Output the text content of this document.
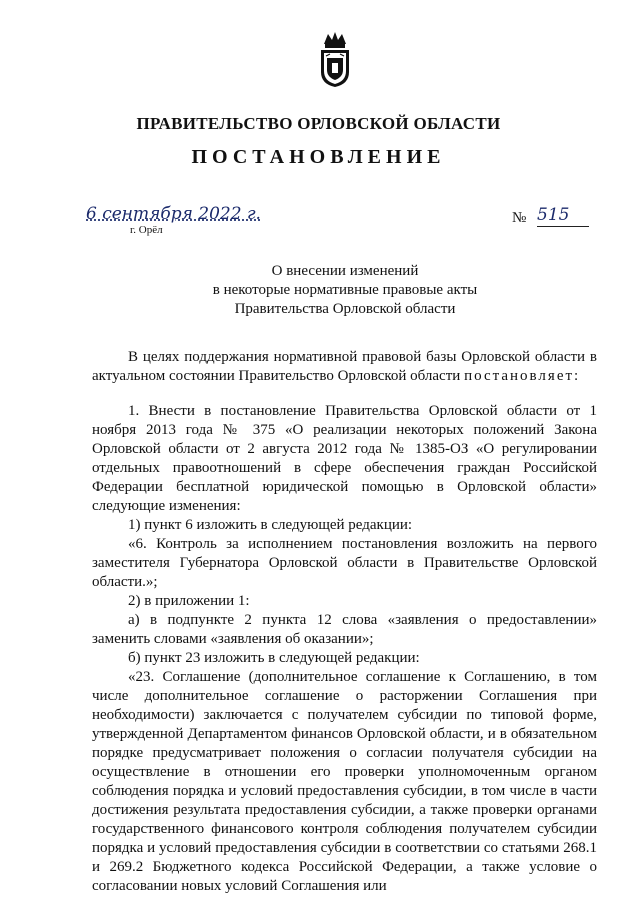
ПРАВИТЕЛЬСТВО ОРЛОВСКОЙ ОБЛАСТИ
ПОСТАНОВЛЕНИЕ
6 сентября 2022 г.
г. Орёл
№ 515
О внесении изменений
в некоторые нормативные правовые акты
Правительства Орловской области

В целях поддержания нормативной правовой базы Орловской области в актуальном состоянии Правительство Орловской области постановляет:

1. Внести в постановление Правительства Орловской области от 1 ноября 2013 года № 375 «О реализации некоторых положений Закона Орловской области от 2 августа 2012 года № 1385-ОЗ «О регулировании отдельных правоотношений в сфере обеспечения граждан Российской Федерации бесплатной юридической помощью в Орловской области» следующие изменения:

1) пункт 6 изложить в следующей редакции:

«6. Контроль за исполнением постановления возложить на первого заместителя Губернатора Орловской области в Правительстве Орловской области.»;

2) в приложении 1:

а) в подпункте 2 пункта 12 слова «заявления о предоставлении» заменить словами «заявления об оказании»;

б) пункт 23 изложить в следующей редакции:

«23. Соглашение (дополнительное соглашение к Соглашению, в том числе дополнительное соглашение о расторжении Соглашения при необходимости) заключается с получателем субсидии по типовой форме, утвержденной Департаментом финансов Орловской области, и в обязательном порядке предусматривает положения о согласии получателя субсидии на осуществление в отношении его проверки уполномоченным органом соблюдения порядка и условий предоставления субсидии, в том числе в части достижения результата предоставления субсидии, а также проверки органами государственного финансового контроля соблюдения получателем субсидии порядка и условий предоставления субсидии в соответствии со статьями 268.1 и 269.2 Бюджетного кодекса Российской Федерации, а также условие о согласовании новых условий Соглашения или
